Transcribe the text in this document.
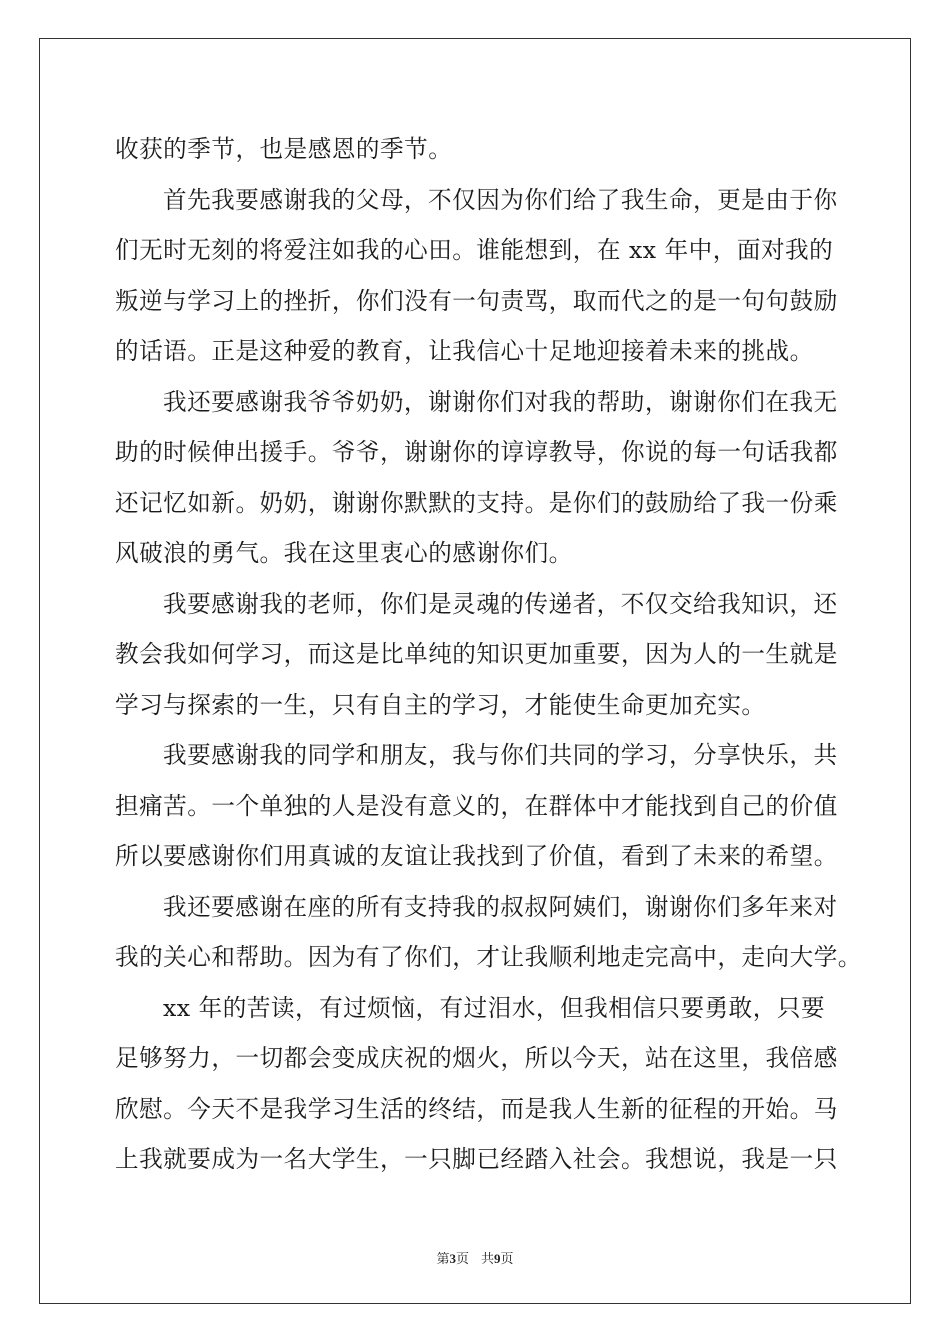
收获的季节，也是感恩的季节。

首先我要感谢我的父母，不仅因为你们给了我生命，更是由于你
们无时无刻的将爱注如我的心田。谁能想到，在 xx 年中，面对我的
叛逆与学习上的挫折，你们没有一句责骂，取而代之的是一句句鼓励
的话语。正是这种爱的教育，让我信心十足地迎接着未来的挑战。

我还要感谢我爷爷奶奶，谢谢你们对我的帮助，谢谢你们在我无
助的时候伸出援手。爷爷，谢谢你的谆谆教导，你说的每一句话我都
还记忆如新。奶奶，谢谢你默默的支持。是你们的鼓励给了我一份乘
风破浪的勇气。我在这里衷心的感谢你们。

我要感谢我的老师，你们是灵魂的传递者，不仅交给我知识，还
教会我如何学习，而这是比单纯的知识更加重要，因为人的一生就是
学习与探索的一生，只有自主的学习，才能使生命更加充实。

我要感谢我的同学和朋友，我与你们共同的学习，分享快乐，共
担痛苦。一个单独的人是没有意义的，在群体中才能找到自己的价值
所以要感谢你们用真诚的友谊让我找到了价值，看到了未来的希望。

我还要感谢在座的所有支持我的叔叔阿姨们，谢谢你们多年来对
我的关心和帮助。因为有了你们，才让我顺利地走完高中，走向大学。

xx 年的苦读，有过烦恼，有过泪水，但我相信只要勇敢，只要
足够努力，一切都会变成庆祝的烟火，所以今天，站在这里，我倍感
欣慰。今天不是我学习生活的终结，而是我人生新的征程的开始。马
上我就要成为一名大学生，一只脚已经踏入社会。我想说，我是一只

第3页 共9页
